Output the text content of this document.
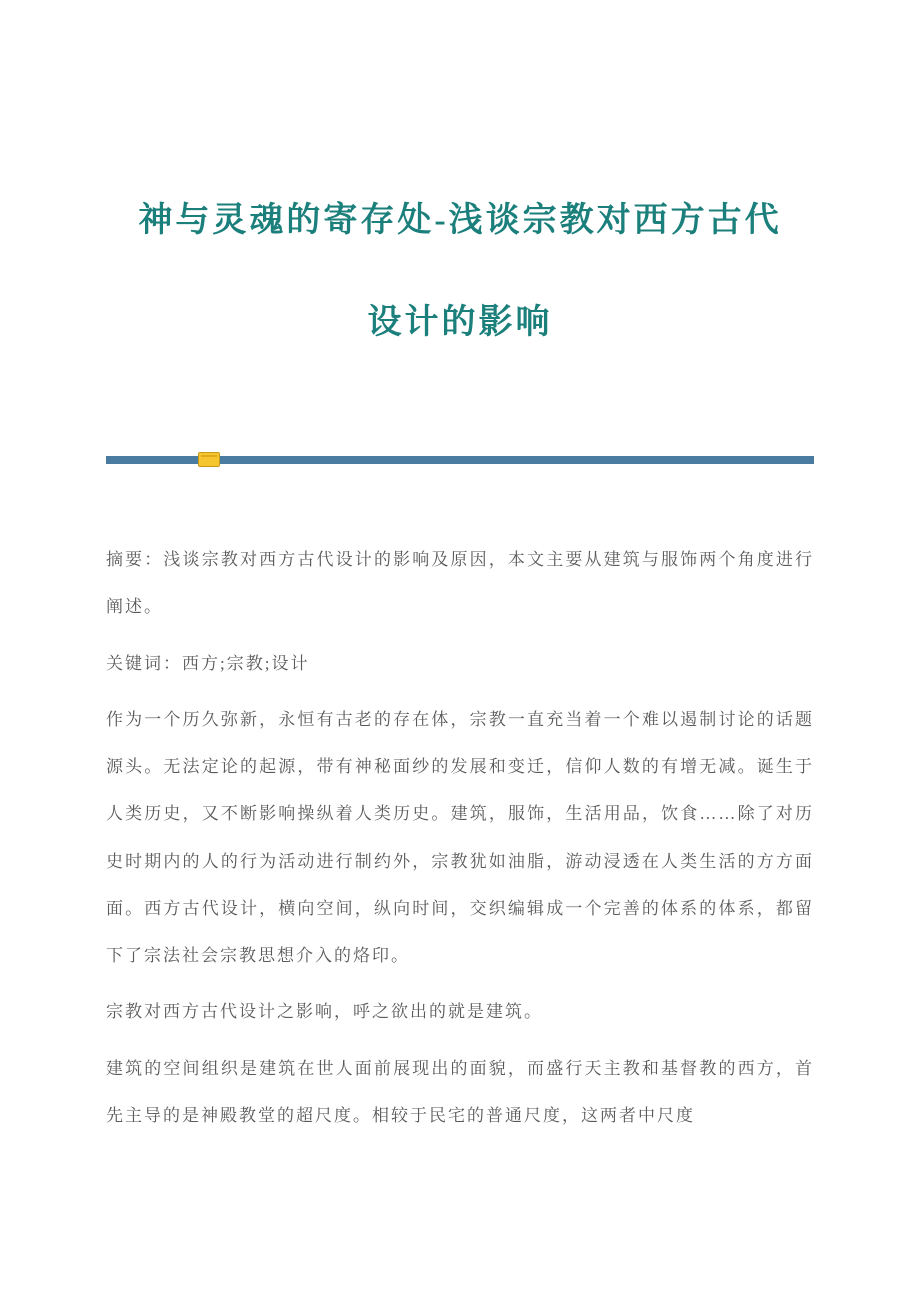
神与灵魂的寄存处-浅谈宗教对西方古代设计的影响

摘要：浅谈宗教对西方古代设计的影响及原因，本文主要从建筑与服饰两个角度进行阐述。

关键词：西方;宗教;设计

作为一个历久弥新，永恒有古老的存在体，宗教一直充当着一个难以遏制讨论的话题源头。无法定论的起源，带有神秘面纱的发展和变迁，信仰人数的有增无减。诞生于人类历史，又不断影响操纵着人类历史。建筑，服饰，生活用品，饮食……除了对历史时期内的人的行为活动进行制约外，宗教犹如油脂，游动浸透在人类生活的方方面面。西方古代设计，横向空间，纵向时间，交织编辑成一个完善的体系的体系，都留下了宗法社会宗教思想介入的烙印。

宗教对西方古代设计之影响，呼之欲出的就是建筑。

建筑的空间组织是建筑在世人面前展现出的面貌，而盛行天主教和基督教的西方，首先主导的是神殿教堂的超尺度。相较于民宅的普通尺度，这两者中尺度
